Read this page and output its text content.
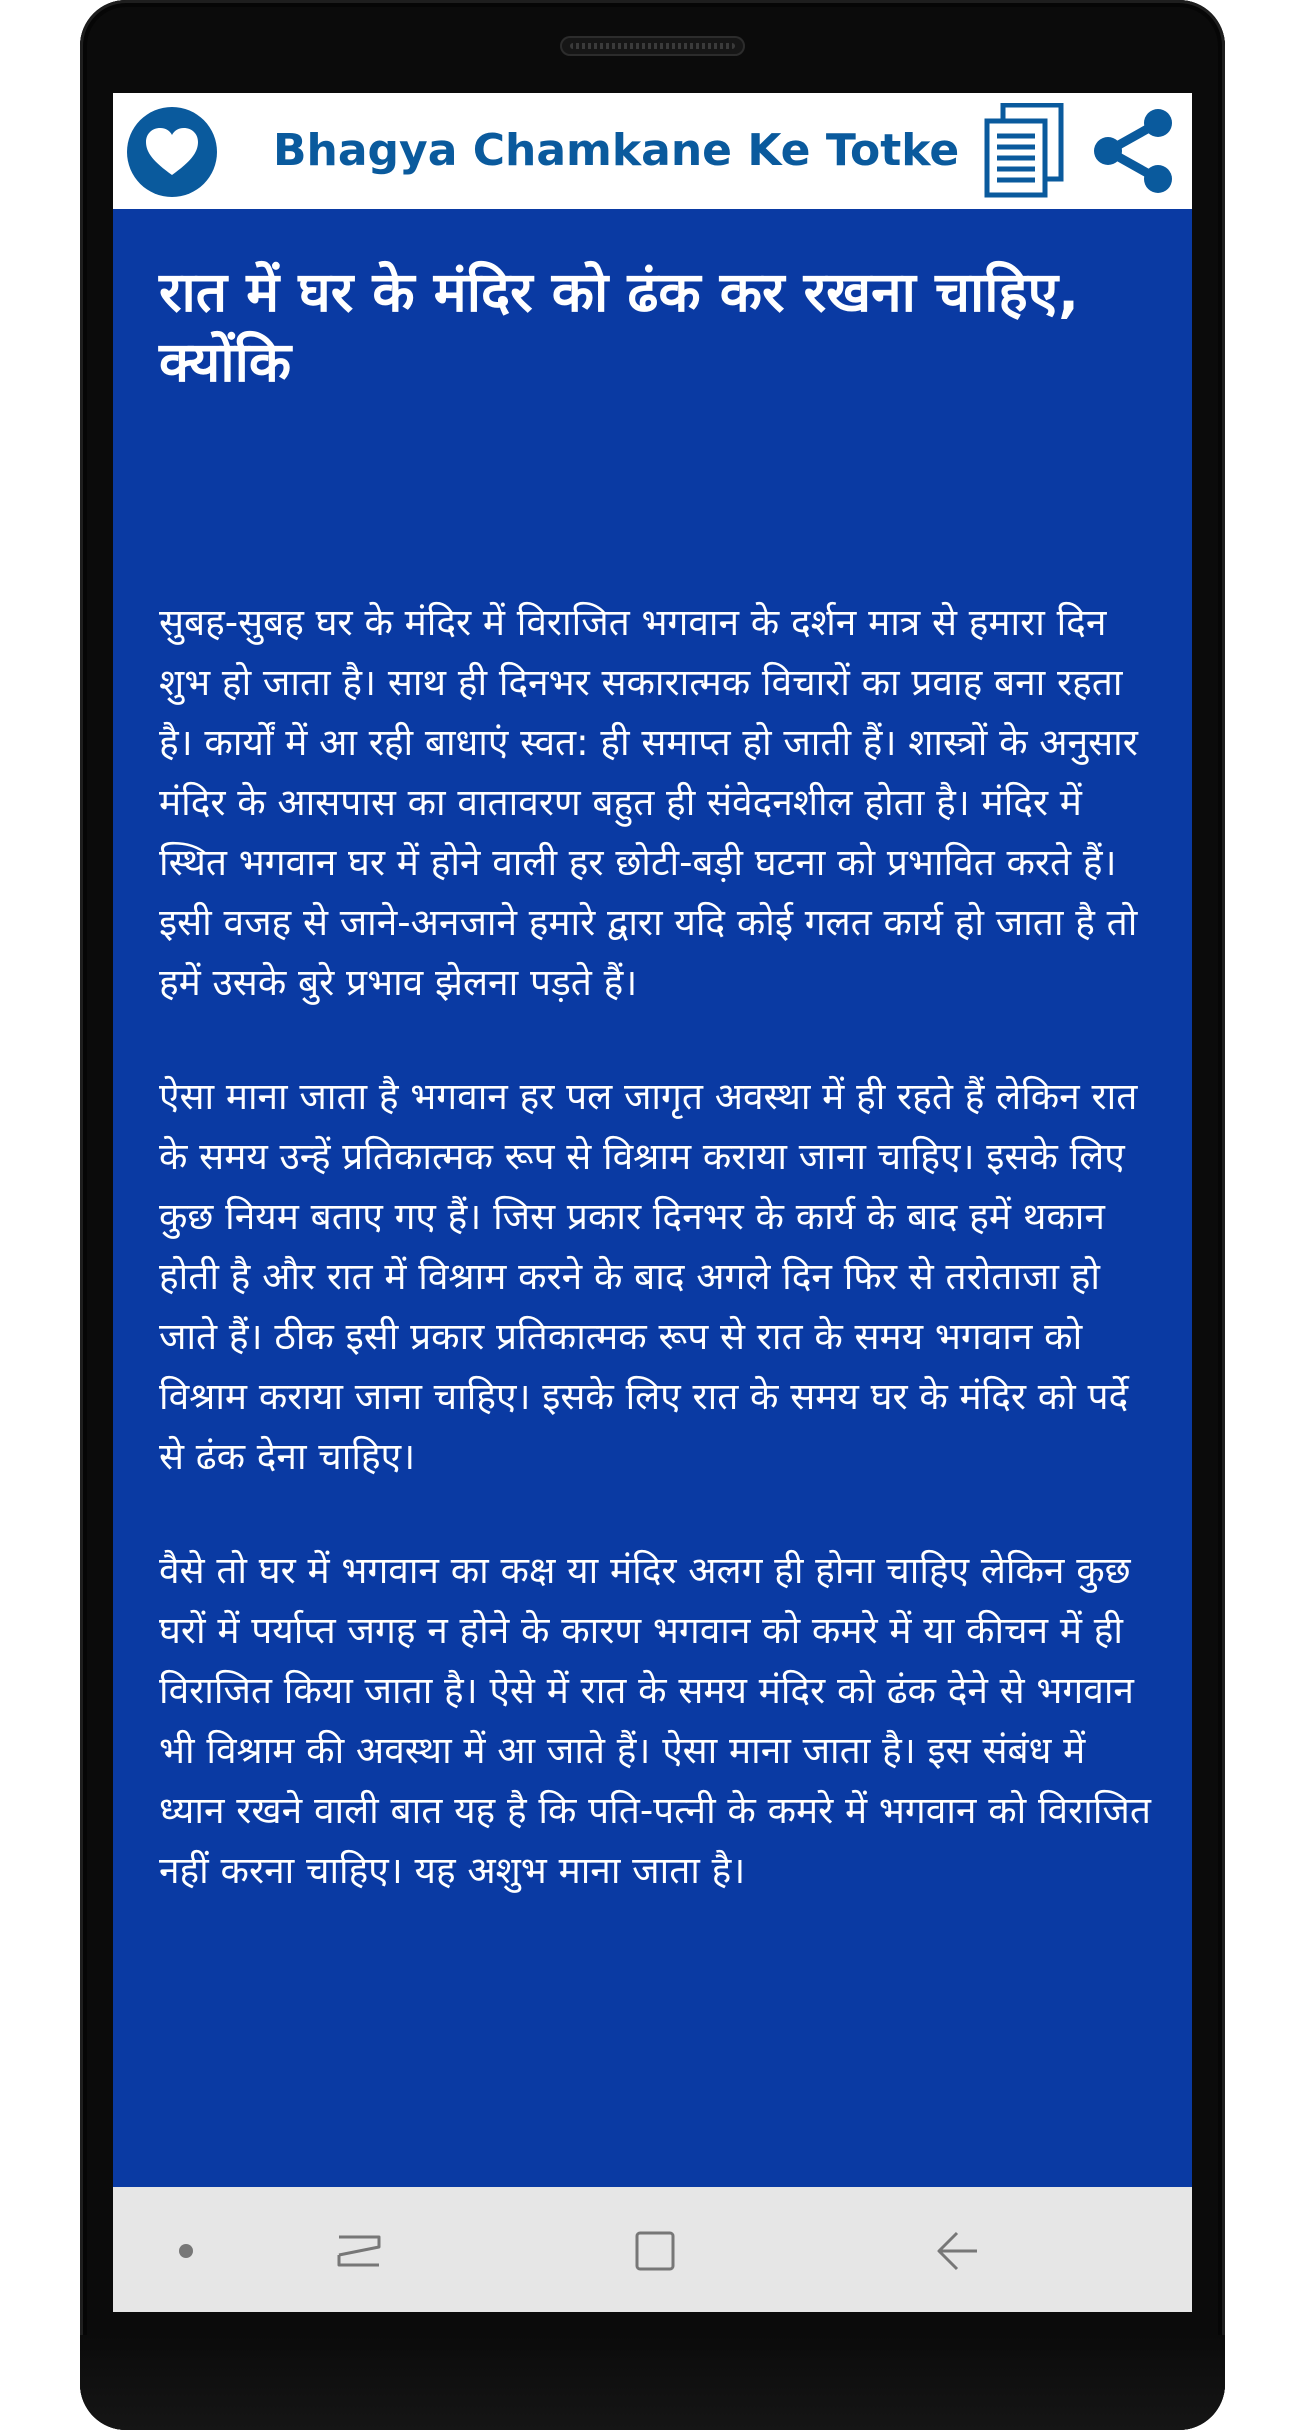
Bhagya Chamkane Ke Totke
रात में घर के मंदिर को ढंक कर रखना चाहिए, क्योंकि

सुबह-सुबह घर के मंदिर में विराजित भगवान के दर्शन मात्र से हमारा दिन शुभ हो जाता है। साथ ही दिनभर सकारात्मक विचारों का प्रवाह बना रहता है। कार्यों में आ रही बाधाएं स्वत: ही समाप्त हो जाती हैं। शास्त्रों के अनुसार मंदिर के आसपास का वातावरण बहुत ही संवेदनशील होता है। मंदिर में स्थित भगवान घर में होने वाली हर छोटी-बड़ी घटना को प्रभावित करते हैं। इसी वजह से जाने-अनजाने हमारे द्वारा यदि कोई गलत कार्य हो जाता है तो हमें उसके बुरे प्रभाव झेलना पड़ते हैं।

ऐसा माना जाता है भगवान हर पल जागृत अवस्था में ही रहते हैं लेकिन रात के समय उन्हें प्रतिकात्मक रूप से विश्राम कराया जाना चाहिए। इसके लिए कुछ नियम बताए गए हैं। जिस प्रकार दिनभर के कार्य के बाद हमें थकान होती है और रात में विश्राम करने के बाद अगले दिन फिर से तरोताजा हो जाते हैं। ठीक इसी प्रकार प्रतिकात्मक रूप से रात के समय भगवान को विश्राम कराया जाना चाहिए। इसके लिए रात के समय घर के मंदिर को पर्दे से ढंक देना चाहिए।

वैसे तो घर में भगवान का कक्ष या मंदिर अलग ही होना चाहिए लेकिन कुछ घरों में पर्याप्त जगह न होने के कारण भगवान को कमरे में या कीचन में ही विराजित किया जाता है। ऐसे में रात के समय मंदिर को ढंक देने से भगवान भी विश्राम की अवस्था में आ जाते हैं। ऐसा माना जाता है। इस संबंध में ध्यान रखने वाली बात यह है कि पति-पत्नी के कमरे में भगवान को विराजित नहीं करना चाहिए। यह अशुभ माना जाता है।
